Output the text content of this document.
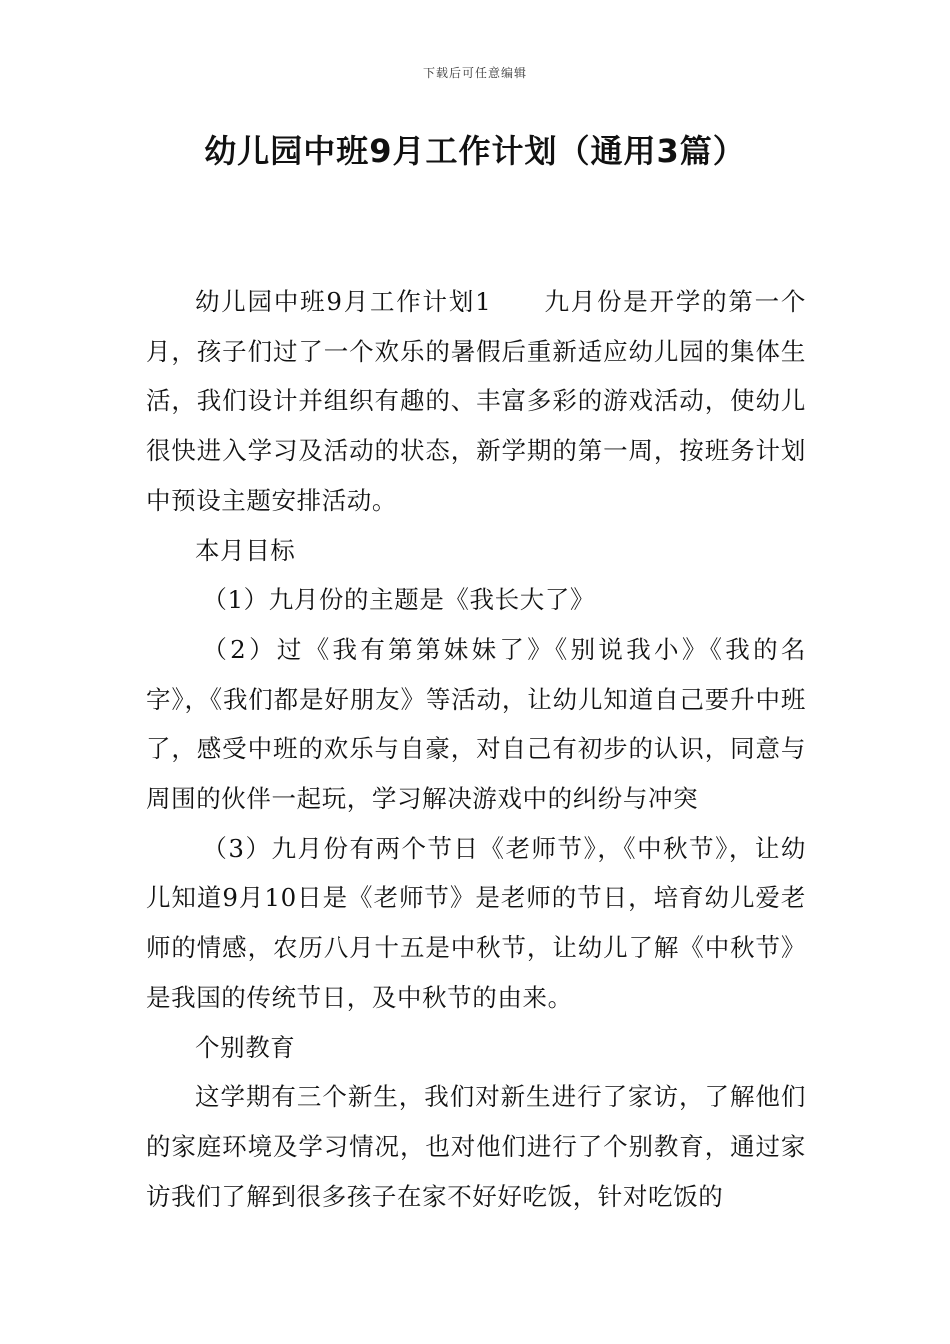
下载后可任意编辑
幼儿园中班9月工作计划（通用3篇）

幼儿园中班9月工作计划1 九月份是开学的第一个月，孩子们过了一个欢乐的暑假后重新适应幼儿园的集体生活，我们设计并组织有趣的、丰富多彩的游戏活动，使幼儿很快进入学习及活动的状态，新学期的第一周，按班务计划中预设主题安排活动。

本月目标

（1）九月份的主题是《我长大了》

（2）过《我有第第妹妹了》《别说我小》《我的名字》，《我们都是好朋友》等活动，让幼儿知道自己要升中班了，感受中班的欢乐与自豪，对自己有初步的认识，同意与周围的伙伴一起玩，学习解决游戏中的纠纷与冲突

（3）九月份有两个节日《老师节》，《中秋节》，让幼儿知道9月10日是《老师节》是老师的节日，培育幼儿爱老师的情感，农历八月十五是中秋节，让幼儿了解《中秋节》是我国的传统节日，及中秋节的由来。

个别教育

这学期有三个新生，我们对新生进行了家访，了解他们的家庭环境及学习情况，也对他们进行了个别教育，通过家访我们了解到很多孩子在家不好好吃饭，针对吃饭的
